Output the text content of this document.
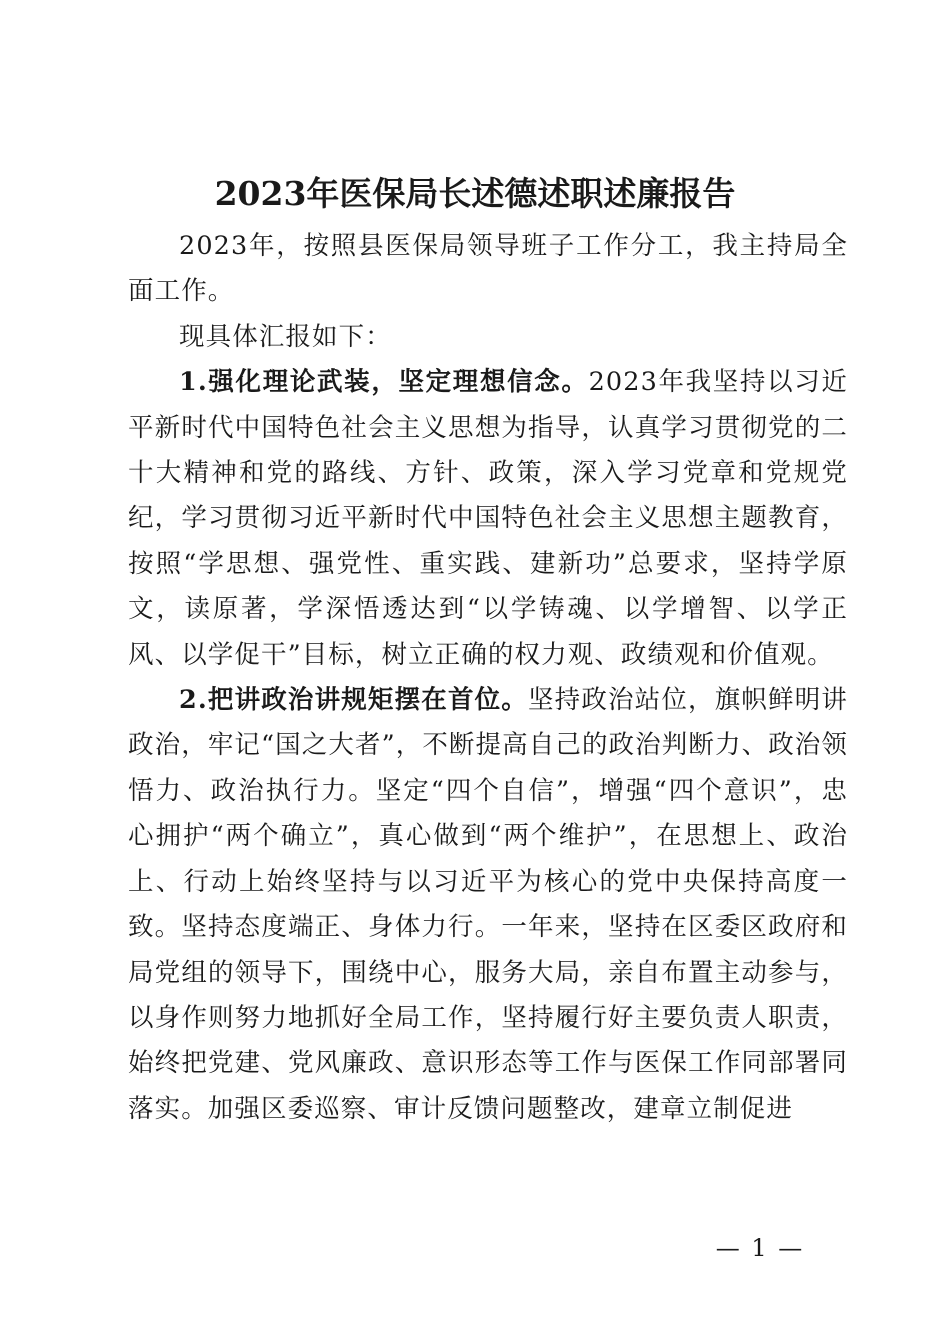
2023年医保局长述德述职述廉报告

2023年，按照县医保局领导班子工作分工，我主持局全面工作。

现具体汇报如下：

1.强化理论武装，坚定理想信念。2023年我坚持以习近平新时代中国特色社会主义思想为指导，认真学习贯彻党的二十大精神和党的路线、方针、政策，深入学习党章和党规党纪，学习贯彻习近平新时代中国特色社会主义思想主题教育，按照“学思想、强党性、重实践、建新功”总要求，坚持学原文，读原著，学深悟透达到“以学铸魂、以学增智、以学正风、以学促干”目标，树立正确的权力观、政绩观和价值观。

2.把讲政治讲规矩摆在首位。坚持政治站位，旗帜鲜明讲政治，牢记“国之大者”，不断提高自己的政治判断力、政治领悟力、政治执行力。坚定“四个自信”，增强“四个意识”，忠心拥护“两个确立”，真心做到“两个维护”，在思想上、政治上、行动上始终坚持与以习近平为核心的党中央保持高度一致。坚持态度端正、身体力行。一年来，坚持在区委区政府和局党组的领导下，围绕中心，服务大局，亲自布置主动参与，以身作则努力地抓好全局工作，坚持履行好主要负责人职责，始终把党建、党风廉政、意识形态等工作与医保工作同部署同落实。加强区委巡察、审计反馈问题整改，建章立制促进

— 1 —
